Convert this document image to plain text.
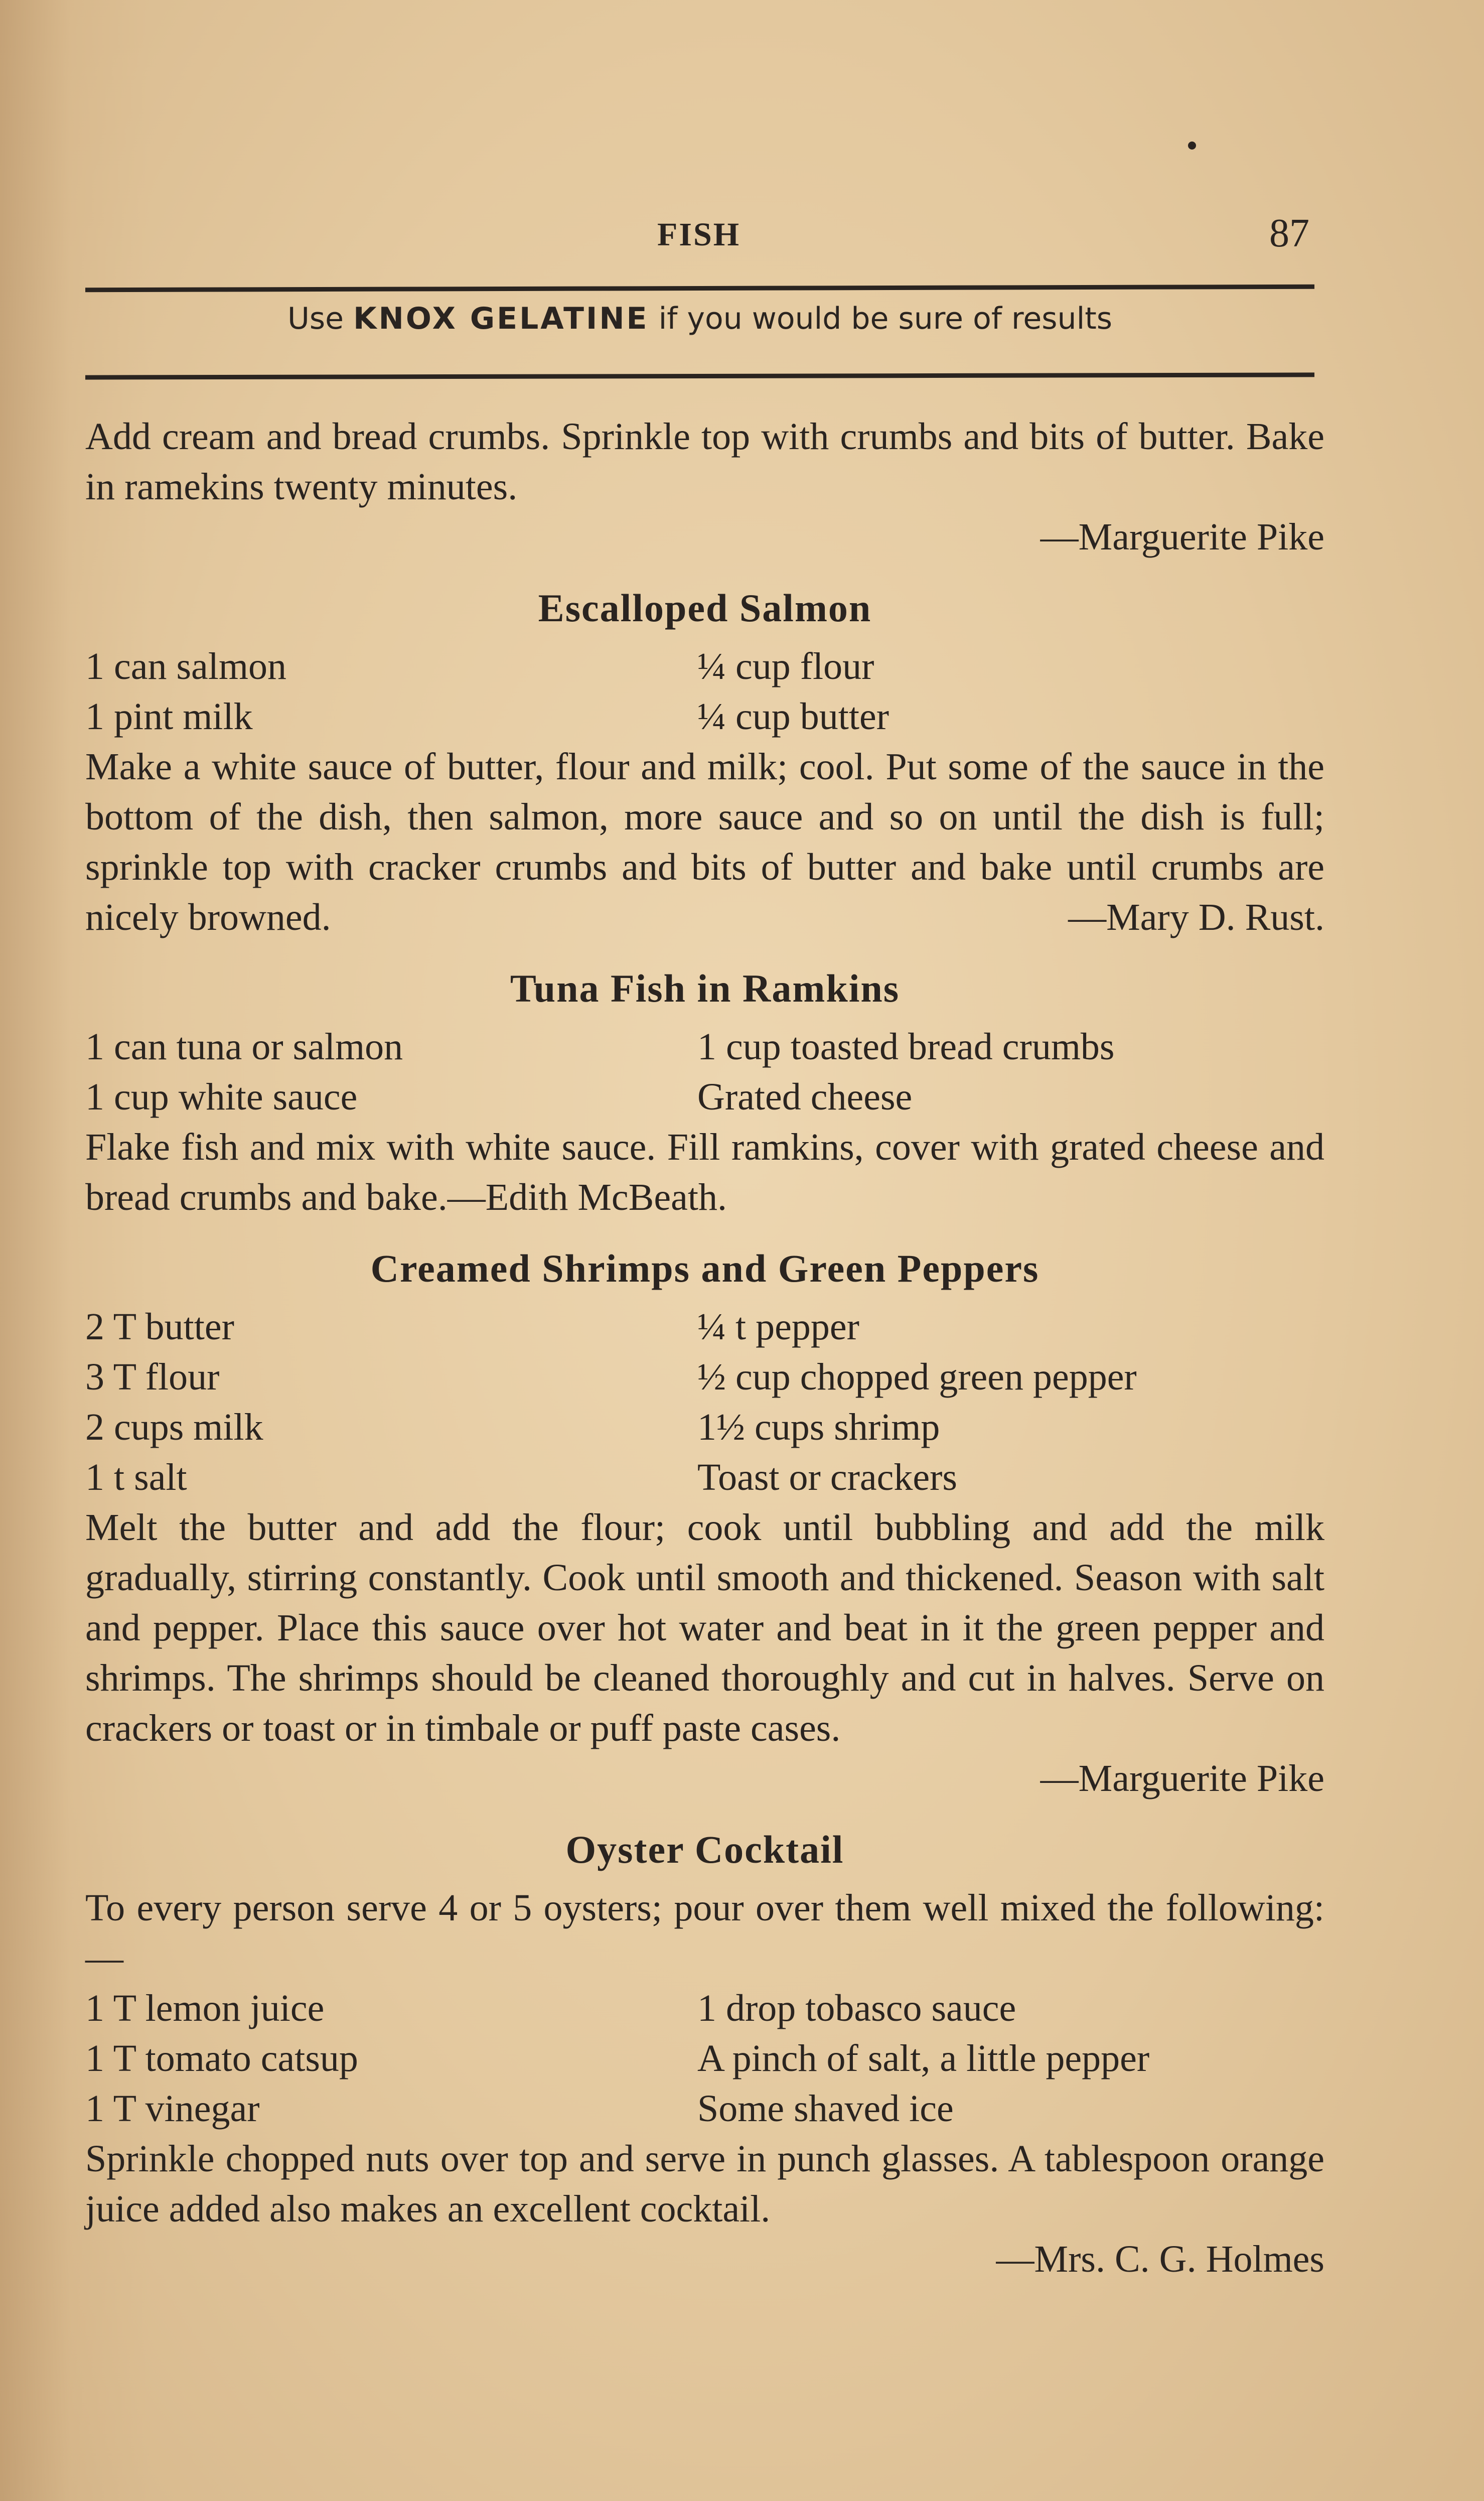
FISH	87
Use KNOX GELATINE if you would be sure of results

Add cream and bread crumbs. Sprinkle top with crumbs and bits of butter. Bake in ramekins twenty minutes.

—Marguerite Pike

Escalloped Salmon
1 can salmon	¼ cup flour
1 pint milk	¼ cup butter

Make a white sauce of butter, flour and milk; cool. Put some of the sauce in the bottom of the dish, then salmon, more sauce and so on until the dish is full; sprinkle top with cracker crumbs and bits of butter and bake until crumbs are nicely browned.	—Mary D. Rust.

Tuna Fish in Ramkins
1 can tuna or salmon	1 cup toasted bread crumbs
1 cup white sauce	Grated cheese

Flake fish and mix with white sauce. Fill ramkins, cover with grated cheese and bread crumbs and bake.—Edith McBeath.

Creamed Shrimps and Green Peppers
2 T butter	¼ t pepper
3 T flour	½ cup chopped green pepper
2 cups milk	1½ cups shrimp
1 t salt	Toast or crackers

Melt the butter and add the flour; cook until bubbling and add the milk gradually, stirring constantly. Cook until smooth and thickened. Season with salt and pepper. Place this sauce over hot water and beat in it the green pepper and shrimps. The shrimps should be cleaned thoroughly and cut in halves. Serve on crackers or toast or in timbale or puff paste cases.

—Marguerite Pike

Oyster Cocktail

To every person serve 4 or 5 oysters; pour over them well mixed the following:—

1 T lemon juice	1 drop tobasco sauce
1 T tomato catsup	A pinch of salt, a little pepper
1 T vinegar	Some shaved ice

Sprinkle chopped nuts over top and serve in punch glasses. A tablespoon orange juice added also makes an excellent cocktail.

—Mrs. C. G. Holmes
